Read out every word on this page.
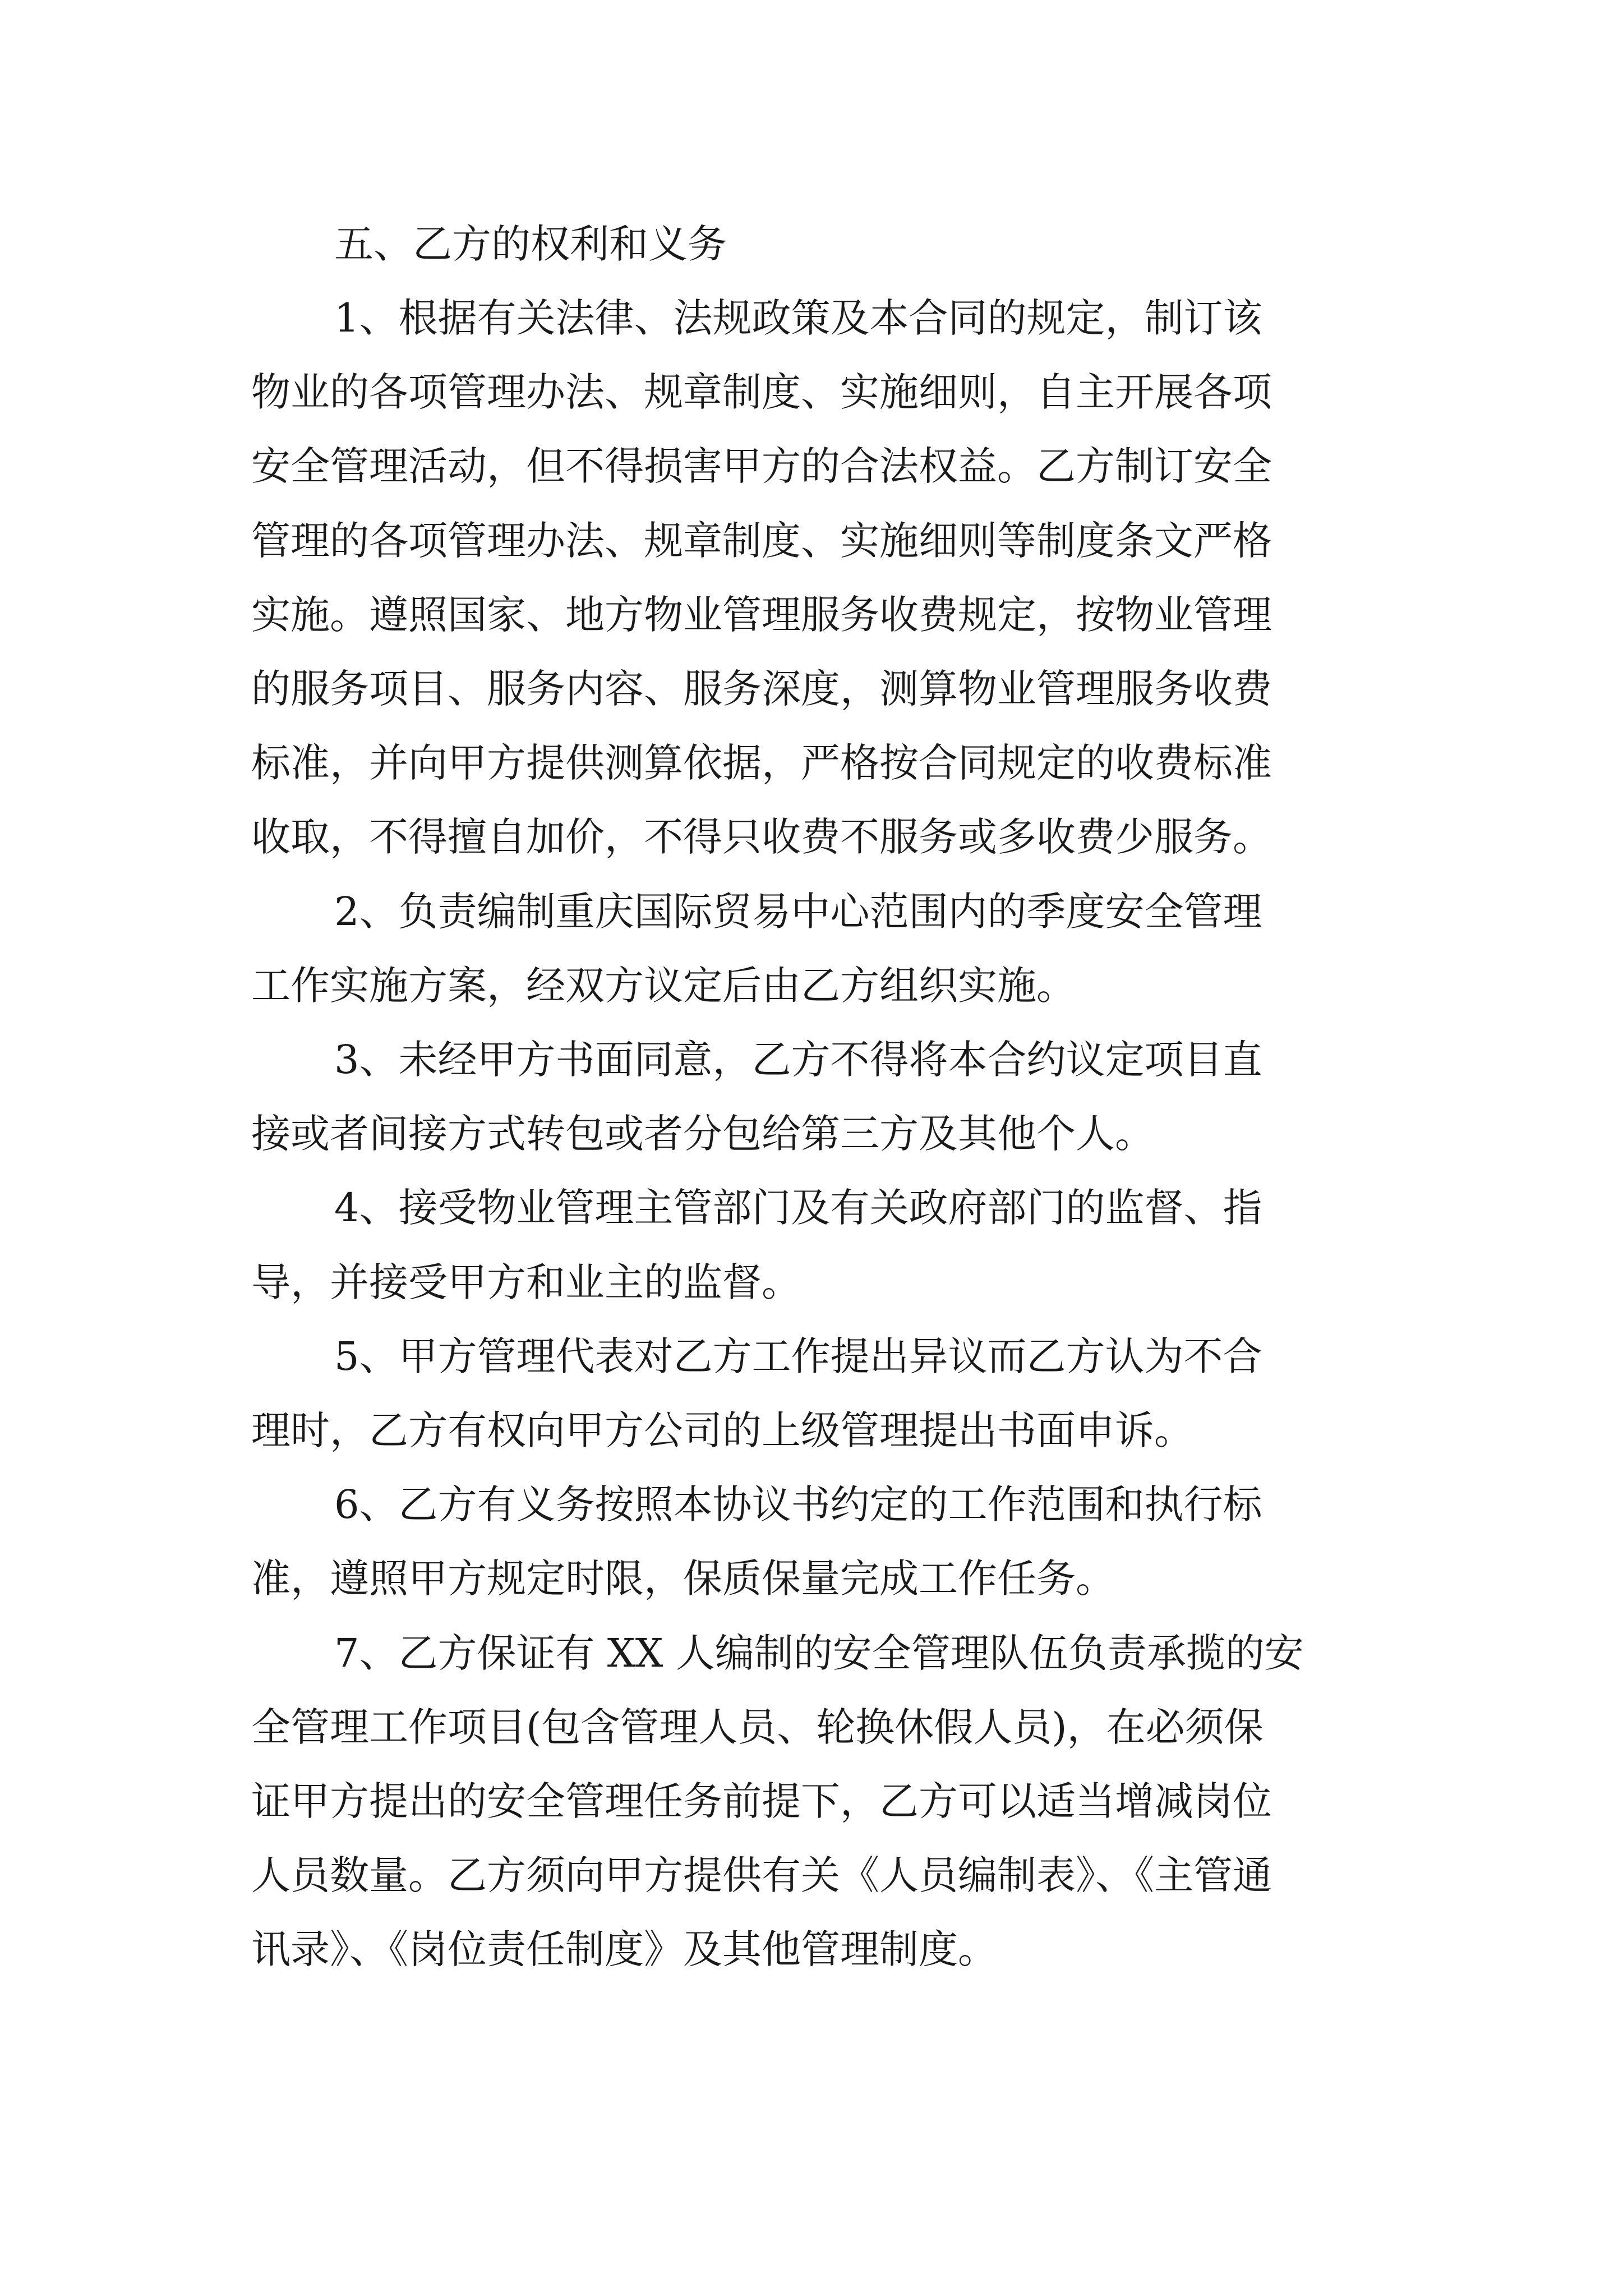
五、乙方的权利和义务
1、根据有关法律、法规政策及本合同的规定，制订该
物业的各项管理办法、规章制度、实施细则，自主开展各项
安全管理活动，但不得损害甲方的合法权益。乙方制订安全
管理的各项管理办法、规章制度、实施细则等制度条文严格
实施。遵照国家、地方物业管理服务收费规定，按物业管理
的服务项目、服务内容、服务深度，测算物业管理服务收费
标准，并向甲方提供测算依据，严格按合同规定的收费标准
收取，不得擅自加价，不得只收费不服务或多收费少服务。
2、负责编制重庆国际贸易中心范围内的季度安全管理
工作实施方案，经双方议定后由乙方组织实施。
3、未经甲方书面同意，乙方不得将本合约议定项目直
接或者间接方式转包或者分包给第三方及其他个人。
4、接受物业管理主管部门及有关政府部门的监督、指
导，并接受甲方和业主的监督。
5、甲方管理代表对乙方工作提出异议而乙方认为不合
理时，乙方有权向甲方公司的上级管理提出书面申诉。
6、乙方有义务按照本协议书约定的工作范围和执行标
准，遵照甲方规定时限，保质保量完成工作任务。
7、乙方保证有 XX 人编制的安全管理队伍负责承揽的安
全管理工作项目(包含管理人员、轮换休假人员)，在必须保
证甲方提出的安全管理任务前提下，乙方可以适当增减岗位
人员数量。乙方须向甲方提供有关《人员编制表》、《主管通
讯录》、《岗位责任制度》及其他管理制度。
